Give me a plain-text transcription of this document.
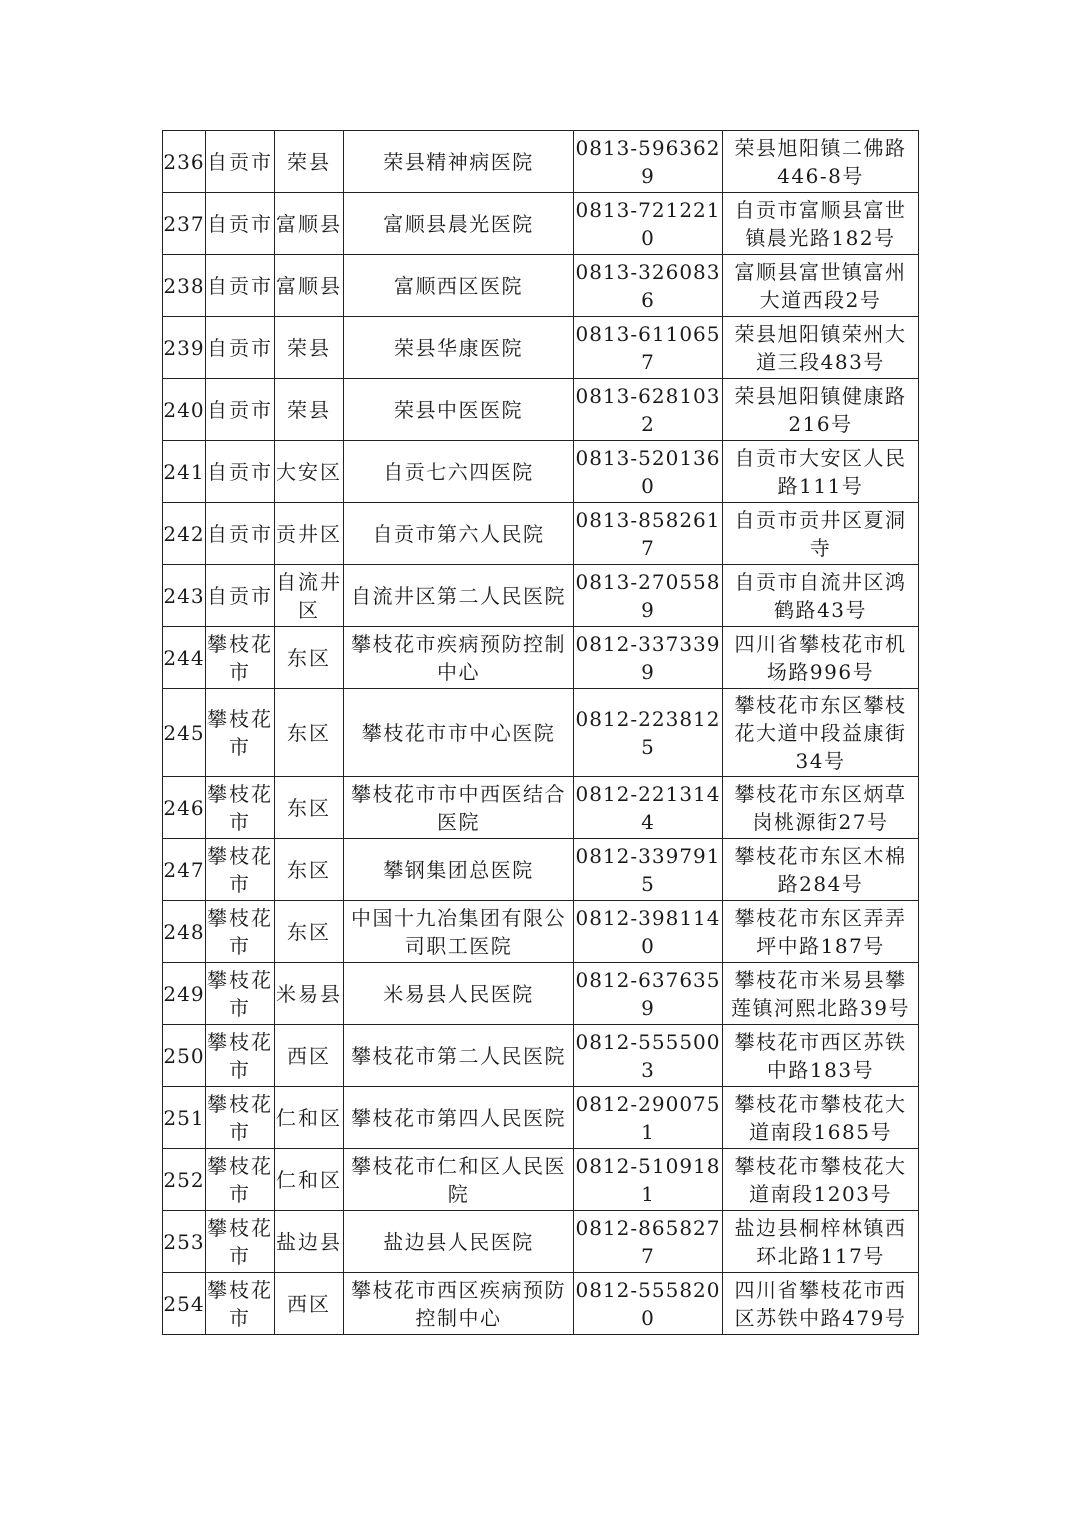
236	自贡市	荣县	荣县精神病医院	0813-5963629	荣县旭阳镇二佛路446-8号
237	自贡市	富顺县	富顺县晨光医院	0813-7212210	自贡市富顺县富世镇晨光路182号
238	自贡市	富顺县	富顺西区医院	0813-3260836	富顺县富世镇富州大道西段2号
239	自贡市	荣县	荣县华康医院	0813-6110657	荣县旭阳镇荣州大道三段483号
240	自贡市	荣县	荣县中医医院	0813-6281032	荣县旭阳镇健康路216号
241	自贡市	大安区	自贡七六四医院	0813-5201360	自贡市大安区人民路111号
242	自贡市	贡井区	自贡市第六人民院	0813-8582617	自贡市贡井区夏洞寺
243	自贡市	自流井区	自流井区第二人民医院	0813-2705589	自贡市自流井区鸿鹤路43号
244	攀枝花市	东区	攀枝花市疾病预防控制中心	0812-3373399	四川省攀枝花市机场路996号
245	攀枝花市	东区	攀枝花市市中心医院	0812-2238125	攀枝花市东区攀枝花大道中段益康街34号
246	攀枝花市	东区	攀枝花市市中西医结合医院	0812-2213144	攀枝花市东区炳草岗桃源街27号
247	攀枝花市	东区	攀钢集团总医院	0812-3397915	攀枝花市东区木棉路284号
248	攀枝花市	东区	中国十九冶集团有限公司职工医院	0812-3981140	攀枝花市东区弄弄坪中路187号
249	攀枝花市	米易县	米易县人民医院	0812-6376359	攀枝花市米易县攀莲镇河熙北路39号
250	攀枝花市	西区	攀枝花市第二人民医院	0812-5555003	攀枝花市西区苏铁中路183号
251	攀枝花市	仁和区	攀枝花市第四人民医院	0812-2900751	攀枝花市攀枝花大道南段1685号
252	攀枝花市	仁和区	攀枝花市仁和区人民医院	0812-5109181	攀枝花市攀枝花大道南段1203号
253	攀枝花市	盐边县	盐边县人民医院	0812-8658277	盐边县桐梓林镇西环北路117号
254	攀枝花市	西区	攀枝花市西区疾病预防控制中心	0812-5558200	四川省攀枝花市西区苏铁中路479号
